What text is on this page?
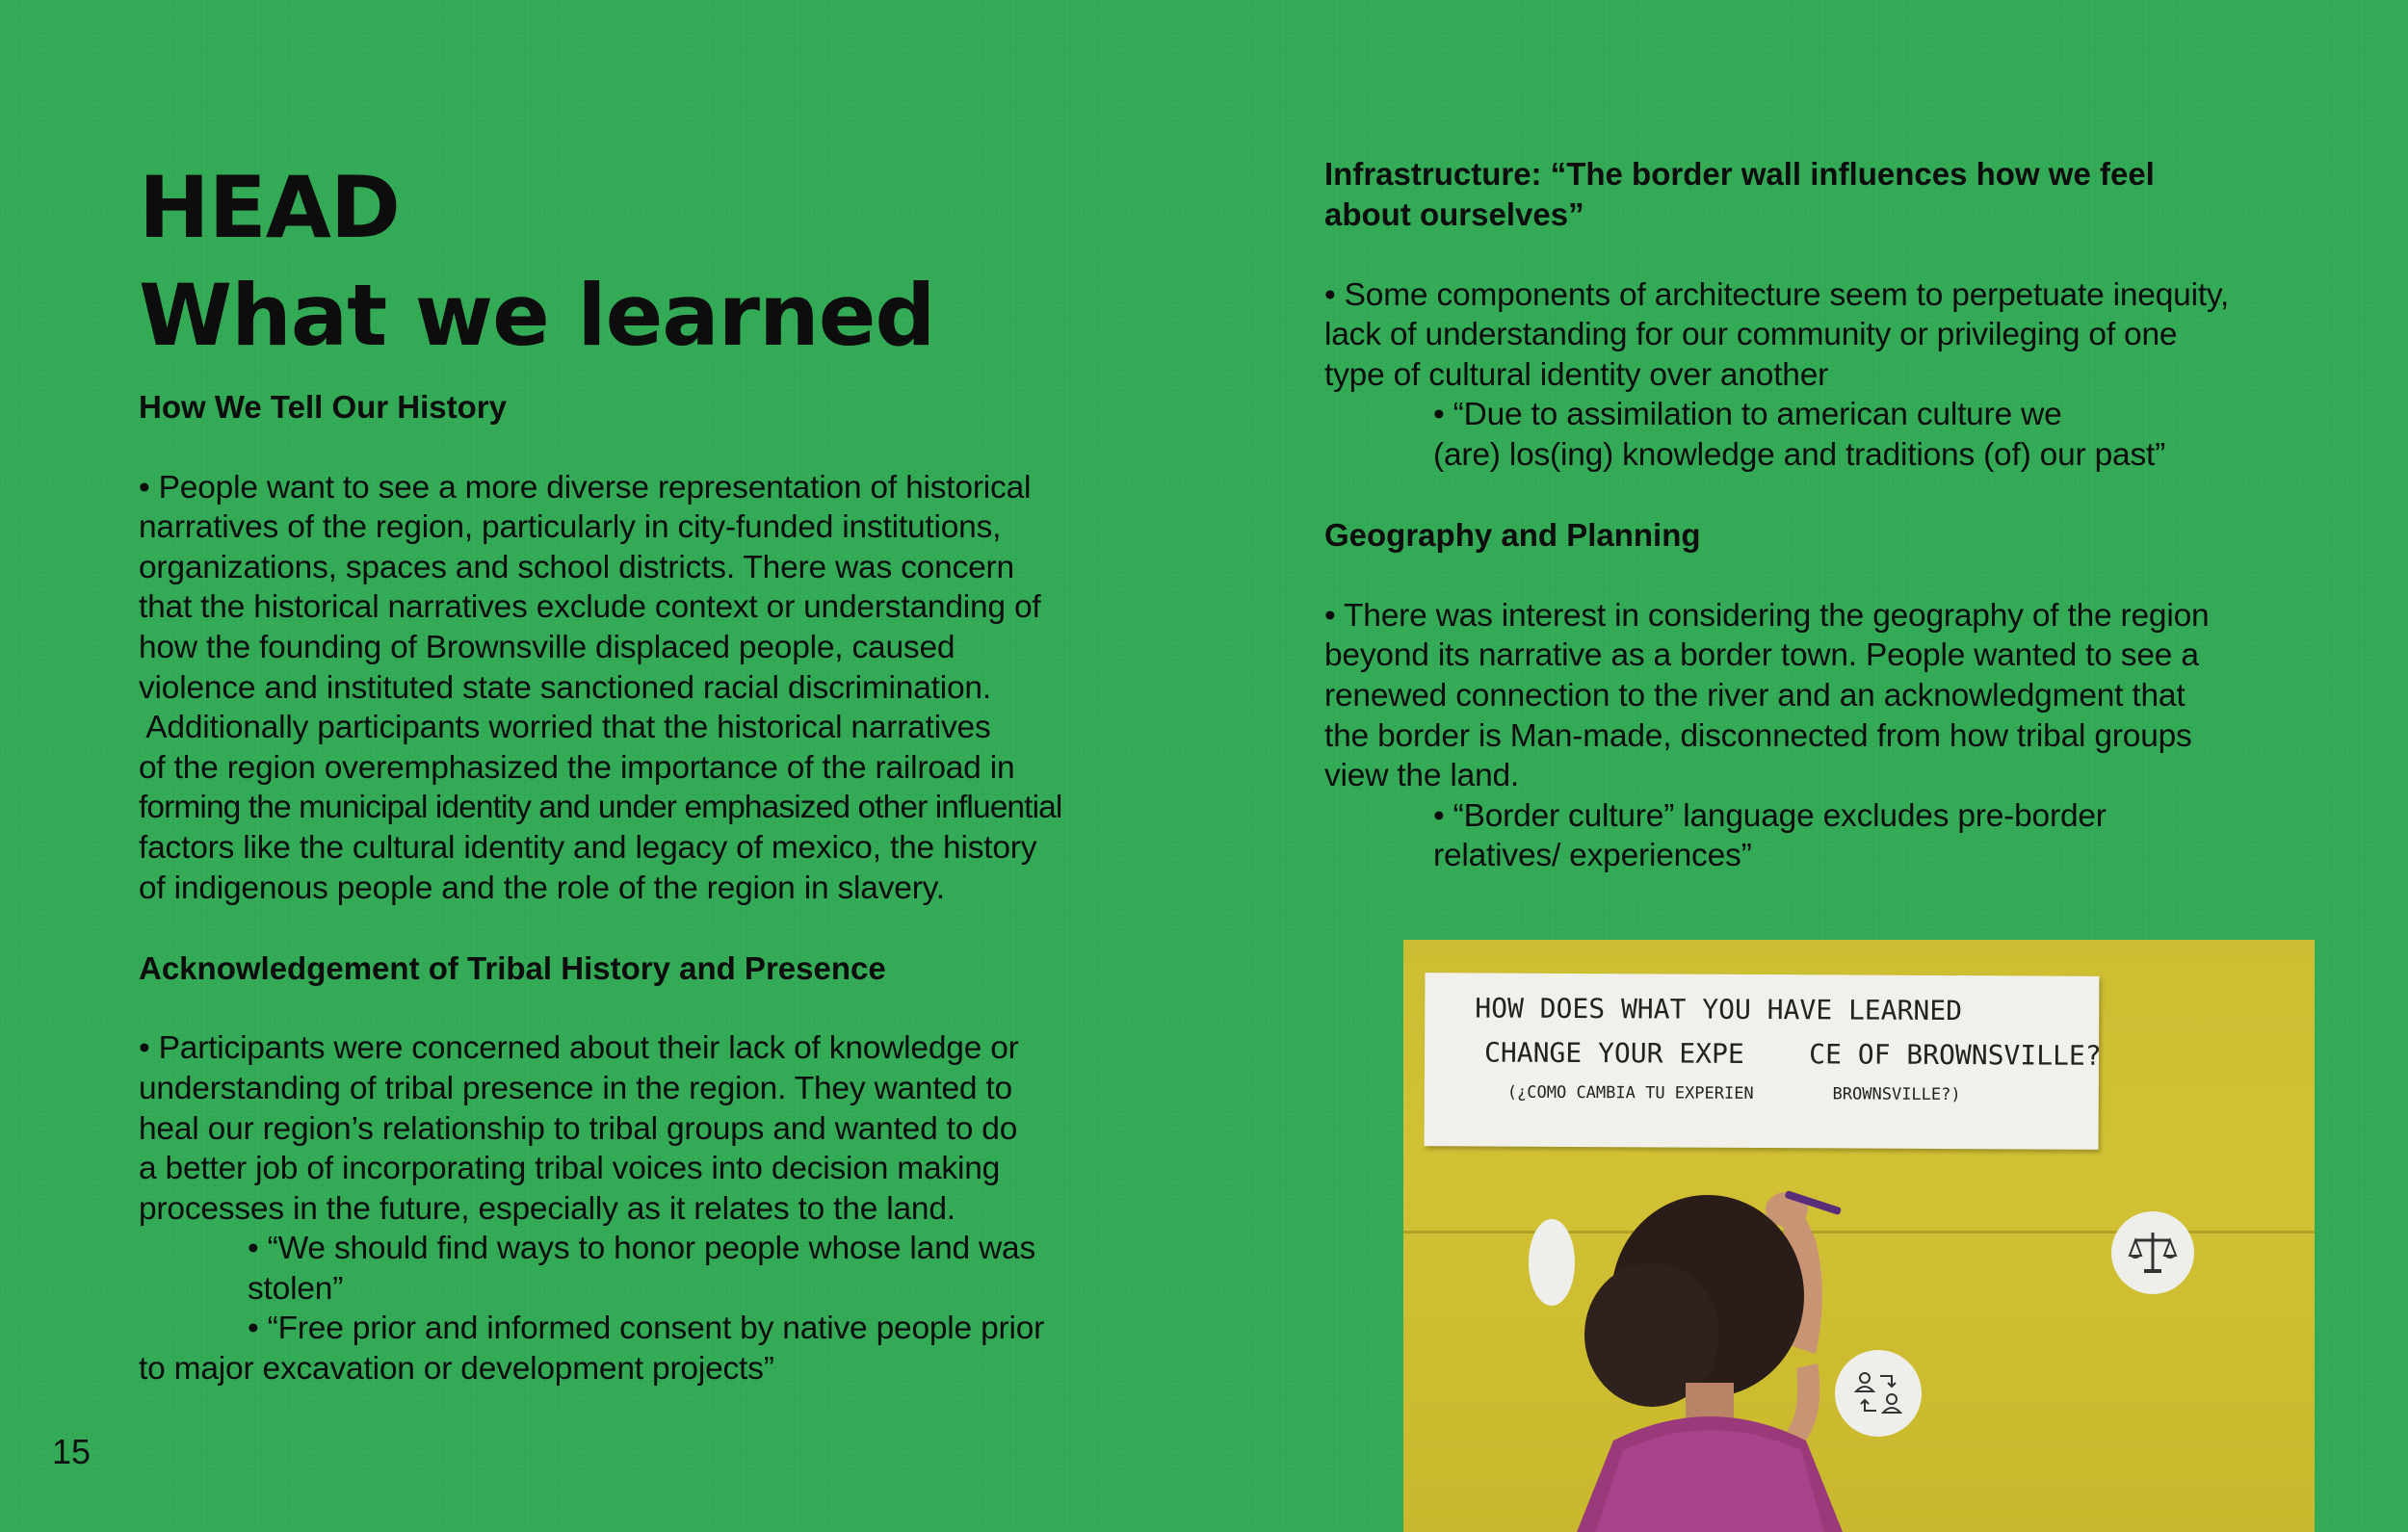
HEAD
What we learned
How We Tell Our History
• People want to see a more diverse representation of historical
narratives of the region, particularly in city-funded institutions,
organizations, spaces and school districts. There was concern
that the historical narratives exclude context or understanding of
how the founding of Brownsville displaced people, caused
violence and instituted state sanctioned racial discrimination.
Additionally participants worried that the historical narratives
of the region overemphasized the importance of the railroad in
forming the municipal identity and under emphasized other influential
factors like the cultural identity and legacy of mexico, the history
of indigenous people and the role of the region in slavery.
Acknowledgement of Tribal History and Presence
• Participants were concerned about their lack of knowledge or
understanding of tribal presence in the region. They wanted to
heal our region’s relationship to tribal groups and wanted to do
a better job of incorporating tribal voices into decision making
processes in the future, especially as it relates to the land.
• “We should find ways to honor people whose land was
stolen”
• “Free prior and informed consent by native people prior
to major excavation or development projects”
Infrastructure: “The border wall influences how we feel
about ourselves”
• Some components of architecture seem to perpetuate inequity,
lack of understanding for our community or privileging of one
type of cultural identity over another
• “Due to assimilation to american culture we
(are) los(ing) knowledge and traditions (of) our past”
Geography and Planning
• There was interest in considering the geography of the region
beyond its narrative as a border town. People wanted to see a
renewed connection to the river and an acknowledgment that
the border is Man-made, disconnected from how tribal groups
view the land.
• “Border culture” language excludes pre-border
relatives/ experiences”
HOW DOES WHAT YOU HAVE LEARNED
CHANGE YOUR EXPE    CE OF BROWNSVILLE?
(¿COMO CAMBIA TU EXPERIEN        BROWNSVILLE?)
15
